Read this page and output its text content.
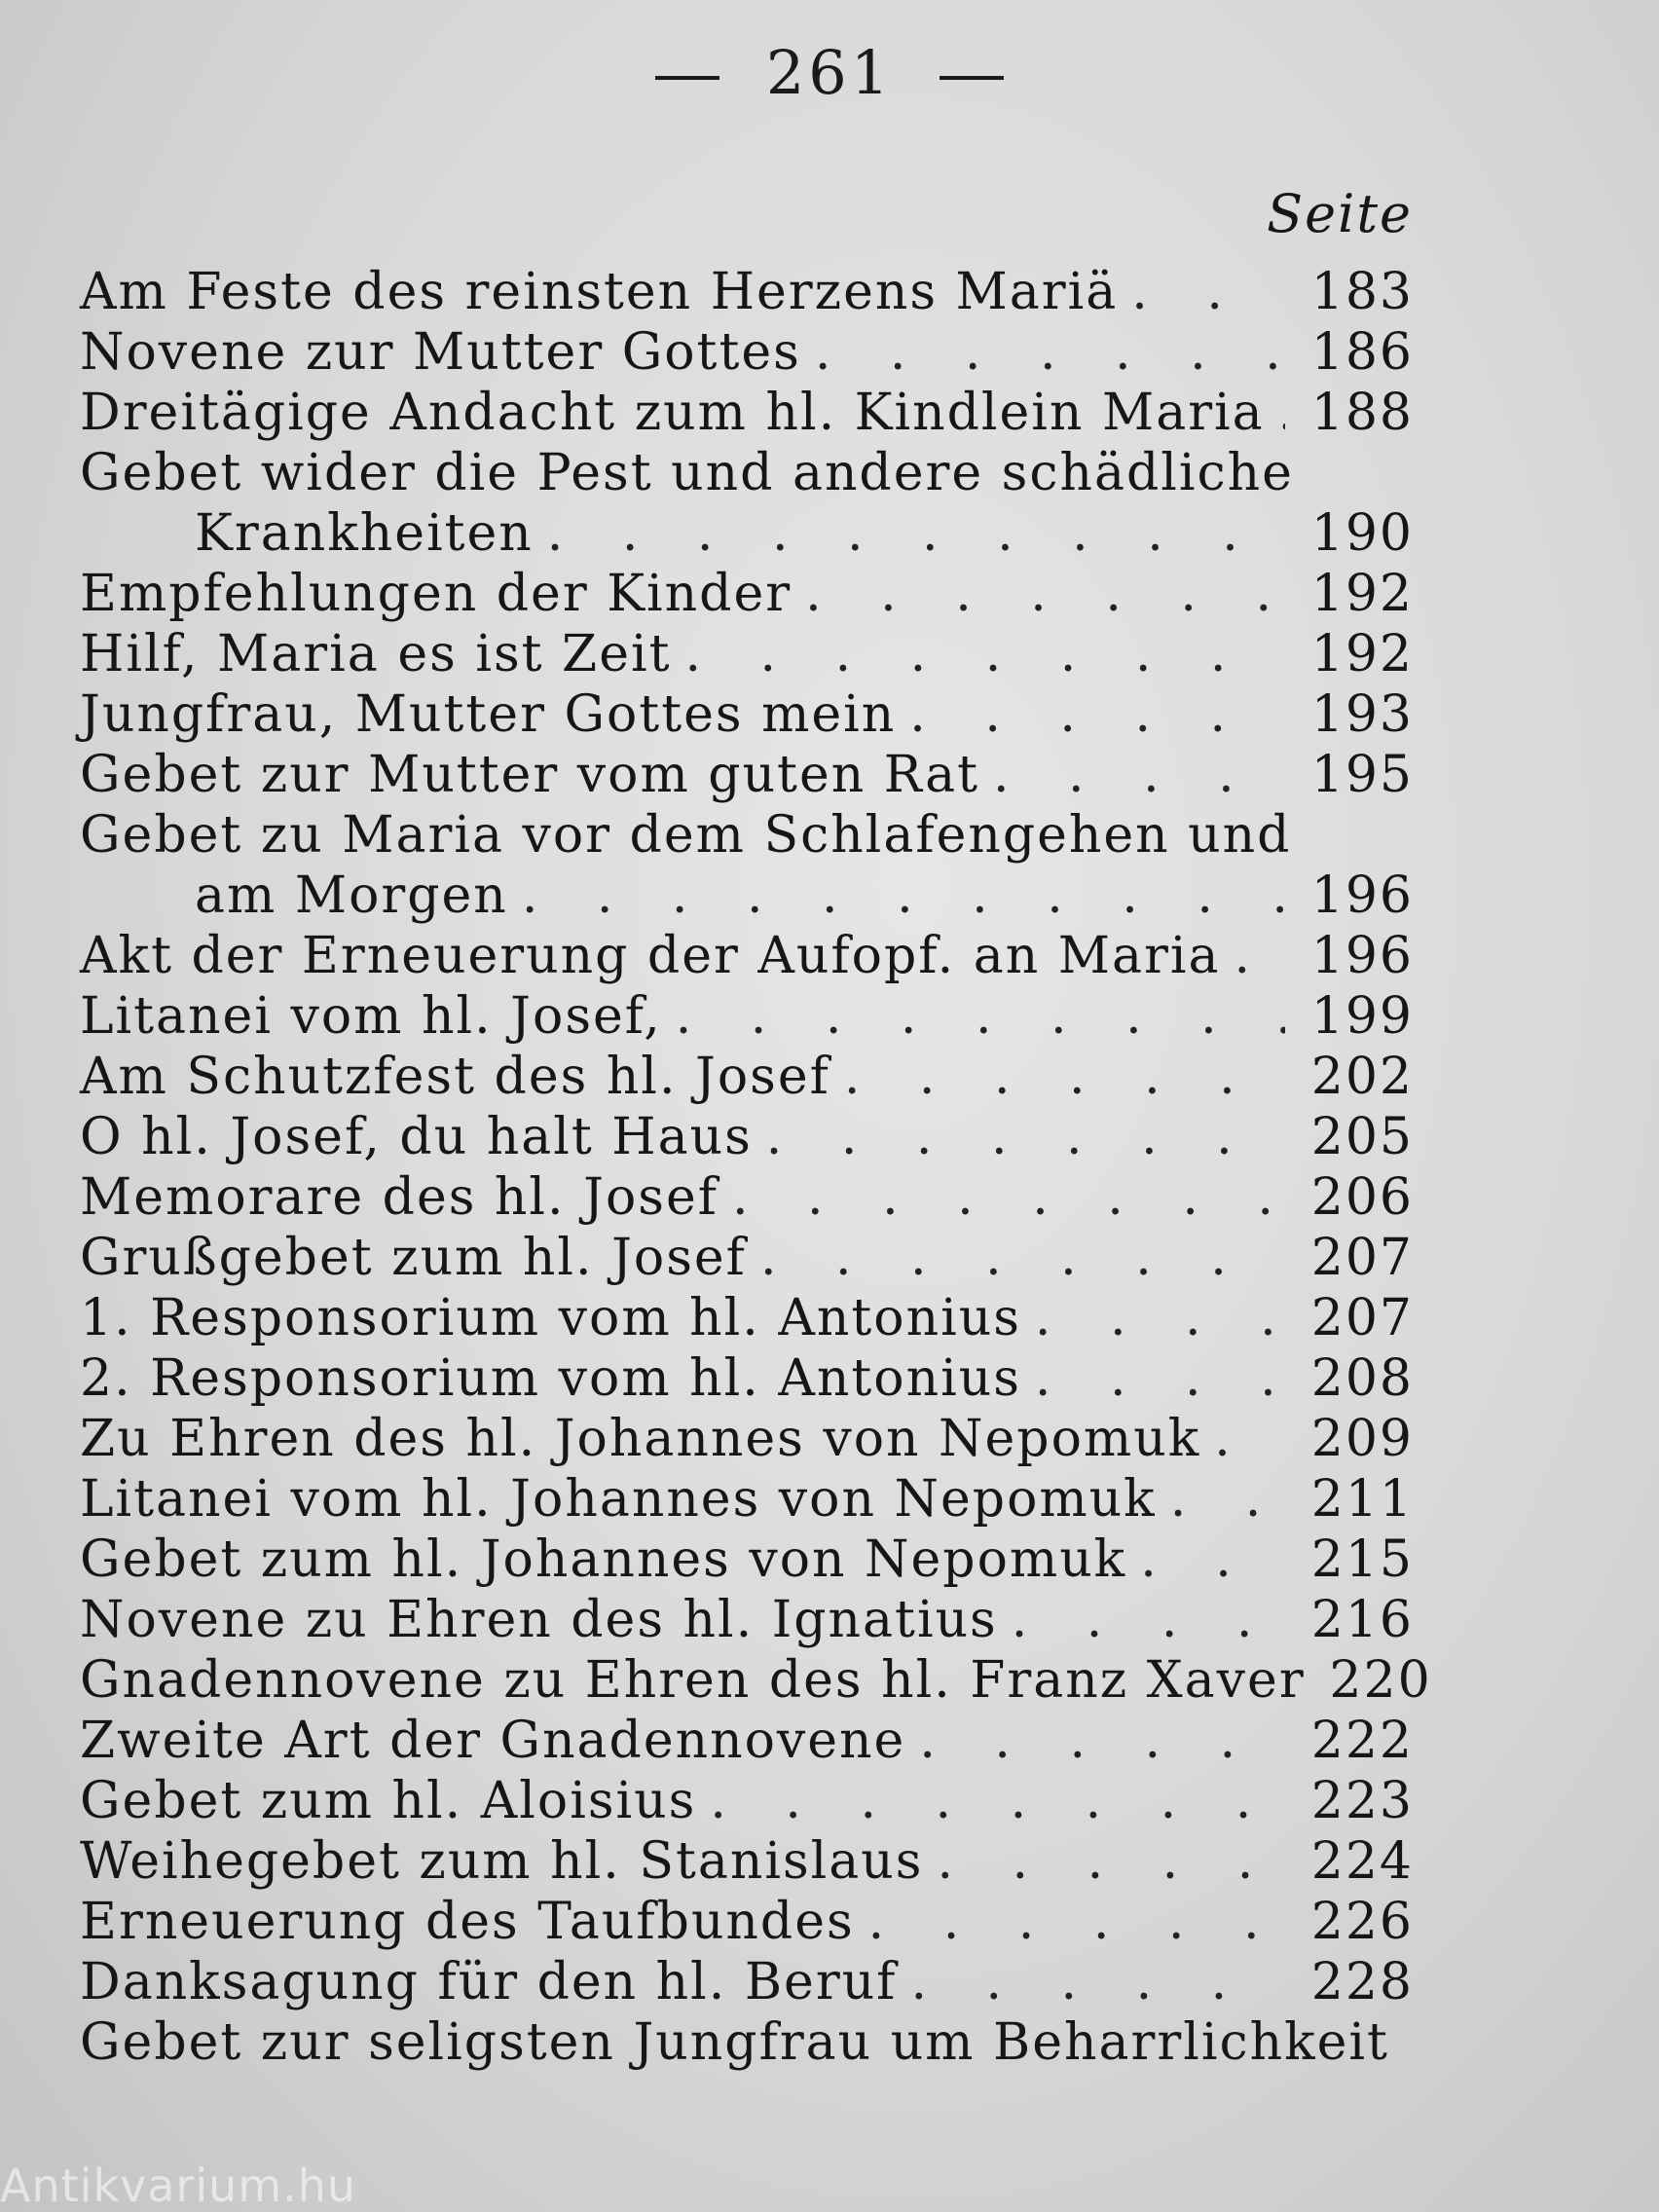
261
Seite
Am Feste des reinsten Herzens Mariä . . .	183
Novene zur Mutter Gottes . . .	186
Dreitägige Andacht zum hl. Kindlein Maria . . . 188
Gebet wider die Pest und andere schädliche
Krankheiten . . .	190
Empfehlungen der Kinder . . .	192
Hilf, Maria es ist Zeit . . .	192
Jungfrau, Mutter Gottes mein . . .	193
Gebet zur Mutter vom guten Rat . . .	195
Gebet zu Maria vor dem Schlafengehen und
am Morgen . . .	196
Akt der Erneuerung der Aufopf. an Maria . . . 196
Litanei vom hl. Josef, . . .	199
Am Schutzfest des hl. Josef . . .	202
O hl. Josef, du halt Haus . . .	205
Memorare des hl. Josef . . .	206
Grußgebet zum hl. Josef . . .	207
1. Responsorium vom hl. Antonius . . .	207
2. Responsorium vom hl. Antonius . . .	208
Zu Ehren des hl. Johannes von Nepomuk . . . 209
Litanei vom hl. Johannes von Nepomuk . . .	211
Gebet zum hl. Johannes von Nepomuk . . .	215
Novene zu Ehren des hl. Ignatius . . .	216
Gnadennovene zu Ehren des hl. Franz Xaver 220
Zweite Art der Gnadennovene . . .	222
Gebet zum hl. Aloisius . . .	223
Weihegebet zum hl. Stanislaus . . .	224
Erneuerung des Taufbundes . . .	226
Danksagung für den hl. Beruf . . .	228
Gebet zur seligsten Jungfrau um Beharrlichkeit
Antikvarium.hu
